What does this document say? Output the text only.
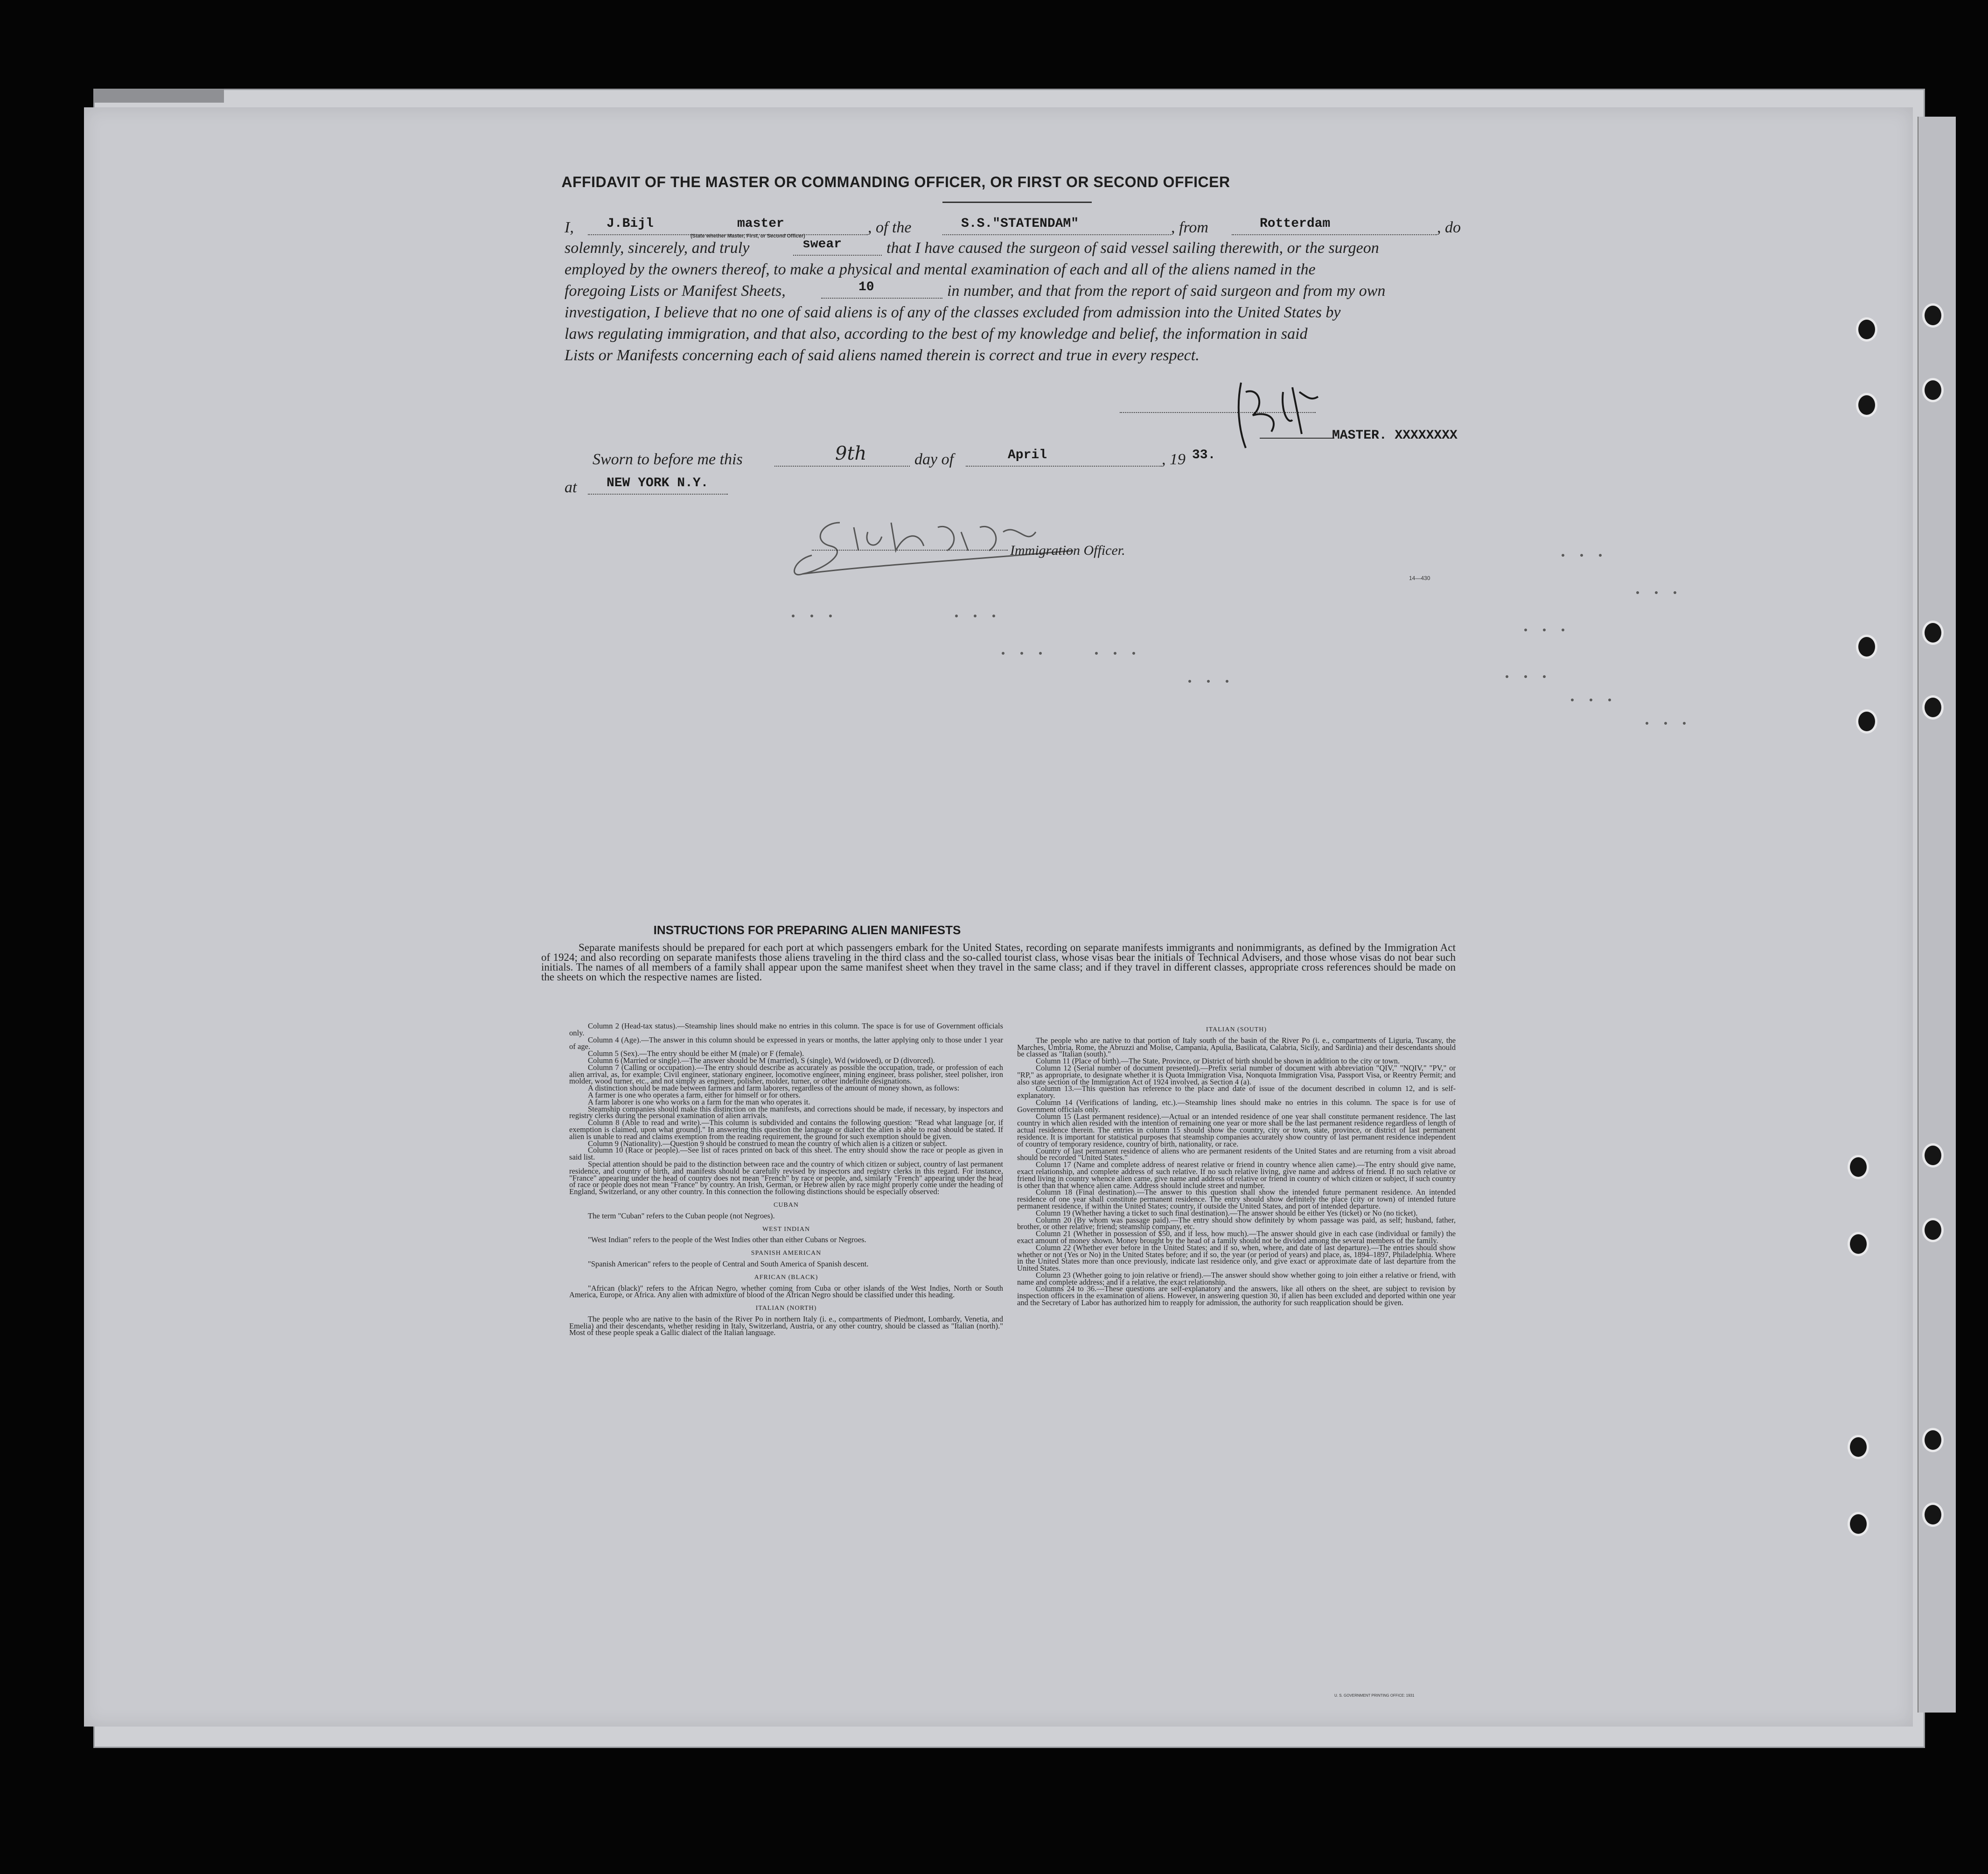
AFFIDAVIT OF THE MASTER OR COMMANDING OFFICER, OR FIRST OR SECOND OFFICER
I,	J.Bijl	master
(State whether Master, First, or Second Officer)	, of the	S.S."STATENDAM"	, from	Rotterdam	, do
solemnly, sincerely, and truly	swear	that I have caused the surgeon of said vessel sailing therewith, or the surgeon
employed by the owners thereof, to make a physical and mental examination of each and all of the aliens named in the
foregoing Lists or Manifest Sheets,	10	in number, and that from the report of said surgeon and from my own
investigation, I believe that no one of said aliens is of any of the classes excluded from admission into the United States by
laws regulating immigration, and that also, according to the best of my knowledge and belief, the information in said
Lists or Manifests concerning each of said aliens named therein is correct and true in every respect.
MASTER. XXXXXXXX
Sworn to before me this	9th	day of	April	, 19 33.
at NEW YORK N.Y.
Immigration Officer.
14—430
INSTRUCTIONS FOR PREPARING ALIEN MANIFESTS
Separate manifests should be prepared for each port at which passengers embark for the United States, recording on separate manifests immigrants and nonimmigrants, as defined by the Immigration Act of 1924; and also recording on separate manifests those aliens traveling in the third class and the so-called tourist class, whose visas bear the initials of Technical Advisers, and those whose visas do not bear such initials. The names of all members of a family shall appear upon the same manifest sheet when they travel in the same class; and if they travel in different classes, appropriate cross references should be made on the sheets on which the respective names are listed.

Column 2 (Head-tax status).—Steamship lines should make no entries in this column. The space is for use of Government officials only.

Column 4 (Age).—The answer in this column should be expressed in years or months, the latter applying only to those under 1 year of age.

Column 5 (Sex).—The entry should be either M (male) or F (female).

Column 6 (Married or single).—The answer should be M (married), S (single), Wd (widowed), or D (divorced).

Column 7 (Calling or occupation).—The entry should describe as accurately as possible the occupation, trade, or profession of each alien arrival, as, for example: Civil engineer, stationary engineer, locomotive engineer, mining engineer, brass polisher, steel polisher, iron molder, wood turner, etc., and not simply as engineer, polisher, molder, turner, or other indefinite designations.

A distinction should be made between farmers and farm laborers, regardless of the amount of money shown, as follows:

A farmer is one who operates a farm, either for himself or for others.

A farm laborer is one who works on a farm for the man who operates it.

Steamship companies should make this distinction on the manifests, and corrections should be made, if necessary, by inspectors and registry clerks during the personal examination of alien arrivals.

Column 8 (Able to read and write).—This column is subdivided and contains the following question: "Read what language [or, if exemption is claimed, upon what ground]." In answering this question the language or dialect the alien is able to read should be stated. If alien is unable to read and claims exemption from the reading requirement, the ground for such exemption should be given.

Column 9 (Nationality).—Question 9 should be construed to mean the country of which alien is a citizen or subject.

Column 10 (Race or people).—See list of races printed on back of this sheet. The entry should show the race or people as given in said list.

Special attention should be paid to the distinction between race and the country of which citizen or subject, country of last permanent residence, and country of birth, and manifests should be carefully revised by inspectors and registry clerks in this regard. For instance, "France" appearing under the head of country does not mean "French" by race or people, and, similarly "French" appearing under the head of race or people does not mean "France" by country. An Irish, German, or Hebrew alien by race might properly come under the heading of England, Switzerland, or any other country. In this connection the following distinctions should be especially observed:

CUBAN

The term "Cuban" refers to the Cuban people (not Negroes).

WEST INDIAN

"West Indian" refers to the people of the West Indies other than either Cubans or Negroes.

SPANISH AMERICAN

"Spanish American" refers to the people of Central and South America of Spanish descent.

AFRICAN (BLACK)

"African (black)" refers to the African Negro, whether coming from Cuba or other islands of the West Indies, North or South America, Europe, or Africa. Any alien with admixture of blood of the African Negro should be classified under this heading.

ITALIAN (NORTH)

The people who are native to the basin of the River Po in northern Italy (i. e., compartments of Piedmont, Lombardy, Venetia, and Emelia) and their descendants, whether residing in Italy, Switzerland, Austria, or any other country, should be classed as "Italian (north)." Most of these people speak a Gallic dialect of the Italian language.

ITALIAN (SOUTH)

The people who are native to that portion of Italy south of the basin of the River Po (i. e., compartments of Liguria, Tuscany, the Marches, Umbria, Rome, the Abruzzi and Molise, Campania, Apulia, Basilicata, Calabria, Sicily, and Sardinia) and their descendants should be classed as "Italian (south)."

Column 11 (Place of birth).—The State, Province, or District of birth should be shown in addition to the city or town.

Column 12 (Serial number of document presented).—Prefix serial number of document with abbreviation "QIV," "NQIV," "PV," or "RP," as appropriate, to designate whether it is Quota Immigration Visa, Nonquota Immigration Visa, Passport Visa, or Reentry Permit; and also state section of the Immigration Act of 1924 involved, as Section 4 (a).

Column 13.—This question has reference to the place and date of issue of the document described in column 12, and is self-explanatory.

Column 14 (Verifications of landing, etc.).—Steamship lines should make no entries in this column. The space is for use of Government officials only.

Column 15 (Last permanent residence).—Actual or an intended residence of one year shall constitute permanent residence. The last country in which alien resided with the intention of remaining one year or more shall be the last permanent residence regardless of length of actual residence therein. The entries in column 15 should show the country, city or town, state, province, or district of last permanent residence. It is important for statistical purposes that steamship companies accurately show country of last permanent residence independent of country of temporary residence, country of birth, nationality, or race.

Country of last permanent residence of aliens who are permanent residents of the United States and are returning from a visit abroad should be recorded "United States."

Column 17 (Name and complete address of nearest relative or friend in country whence alien came).—The entry should give name, exact relationship, and complete address of such relative. If no such relative living, give name and address of friend. If no such relative or friend living in country whence alien came, give name and address of relative or friend in country of which citizen or subject, if such country is other than that whence alien came. Address should include street and number.

Column 18 (Final destination).—The answer to this question shall show the intended future permanent residence. An intended residence of one year shall constitute permanent residence. The entry should show definitely the place (city or town) of intended future permanent residence, if within the United States; country, if outside the United States, and port of intended departure.

Column 19 (Whether having a ticket to such final destination).—The answer should be either Yes (ticket) or No (no ticket).

Column 20 (By whom was passage paid).—The entry should show definitely by whom passage was paid, as self; husband, father, brother, or other relative; friend; steamship company, etc.

Column 21 (Whether in possession of $50, and if less, how much).—The answer should give in each case (individual or family) the exact amount of money shown. Money brought by the head of a family should not be divided among the several members of the family.

Column 22 (Whether ever before in the United States; and if so, when, where, and date of last departure).—The entries should show whether or not (Yes or No) in the United States before; and if so, the year (or period of years) and place, as, 1894–1897, Philadelphia. Where in the United States more than once previously, indicate last residence only, and give exact or approximate date of last departure from the United States.

Column 23 (Whether going to join relative or friend).—The answer should show whether going to join either a relative or friend, with name and complete address; and if a relative, the exact relationship.

Columns 24 to 36.—These questions are self-explanatory and the answers, like all others on the sheet, are subject to revision by inspection officers in the examination of aliens. However, in answering question 30, if alien has been excluded and deported within one year and the Secretary of Labor has authorized him to reapply for admission, the authority for such reapplication should be given.

U. S. GOVERNMENT PRINTING OFFICE: 1931
